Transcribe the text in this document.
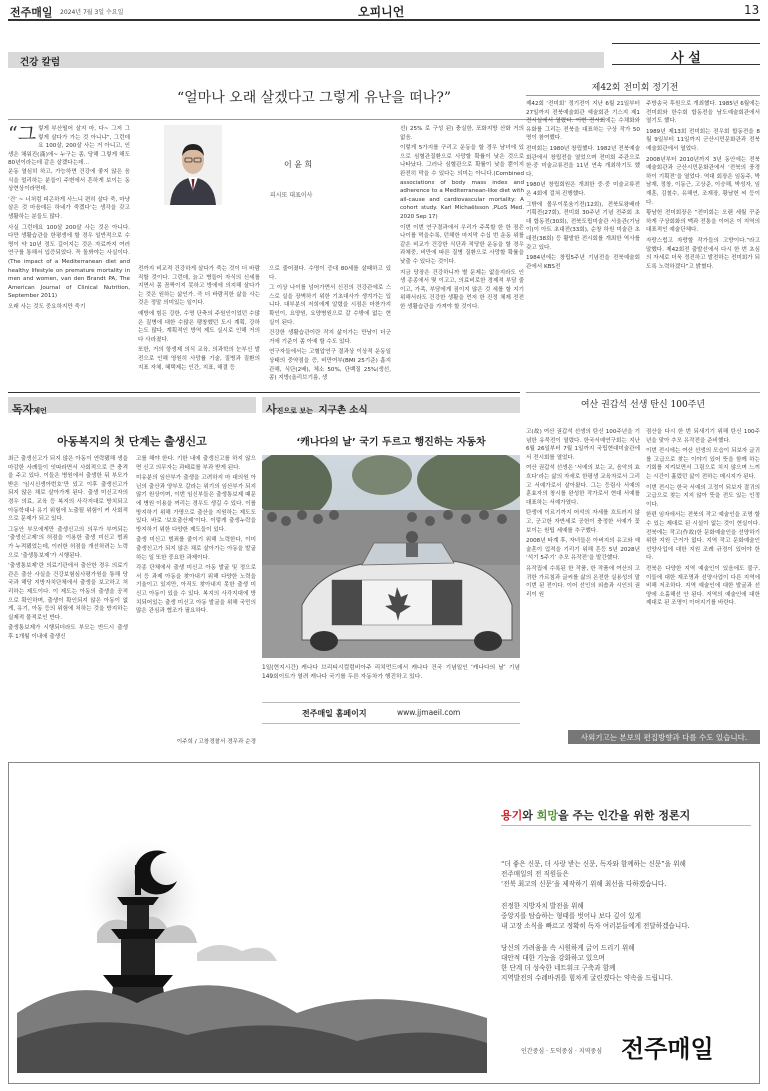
전주매일 2024년 7월 3일 수요일	오피니언	13
건강 칼럼
“얼마나 오래 살겠다고 그렇게 유난을 떠나?”
“그렇게 부산떨어 살지 마, 다~ 그저 그렇게 살다가 가는 것 아니냐”, 그런데요 100살, 200살 사는 거 아니고, 인생은 채워진(滿)에~ 누구는 좀, 당해 그렇게 해도 80년이라는데 같은 살겠다는데…

운동 열심히 하고, 가능하면 건강에 좋지 않은 음식을 멀리하는 분들이 주변에서 흔하게 보이는 동상현상이라면데.

‘건’ ~ 너처럼 피곤하게 사느니 편히 살다 죽, 마냥 살은 것 마음데든 하네가 죽겠다’는 생각을 갖고 생활하는 분들도 많다.

사실 그런데요 100살 200살 사는 것은 아니다. 다만 생활습관을 한평생에 할 경우 일반적으로 수명이 약 10년 정도 길어지는 것은 자료까지 여러 연구를 통해서 입증되었다. 꼭 돌봐야는 사실이다.(The impact of a Mediterranean diet and healthy lifestyle on premature mortality in men and women, van den Brandt PA, The American Journal of Clinical Nutrition, September 2011)

오래 사는 것도 중요하지만 죽기

이 윤 희
피시또 대표이사

전까지 비교적 건강하게 살다가 죽는 것이 더 바람직할 것이다. 그런데, 늙고 병들어 자식의 신세를 지면서 몸 꼼짝이지 못하고 방에에 의지해 살다가는 것은 원하는 삶인가. 즉 더 바람직한 삶을 사는 것은 정말 의미있는 일이다.

예방에 힘든 강한, 수명 단축의 주원인이었던 수많은 질병에 대한 수많은 팽창했던 도시 계획, 강하는도 많다, 계획적인 방역 제도 실시로 인해 거의 다 사라졌다.

또한, 거의 항생제 의식 교육, 의과학의 눈부신 발전으로 인해 영원히 사망률 기술, 질병과 질환의 지표 자체, 혜택제는 인간, 지표, 해결 등

으로 줄어졌다. 수명이 증대 80세를 살때하고 있다.

그 이상 나이를 넘어가면서 신진의 건강관에로 스스로 실을 장벽하기 위한 기초대사가 생겨가는 입니다. 대부분의 저희에게 알렸을 시점은 마찬가지 확인이, 요양원, 요양병원으로 갈 수밖에 없는 현실이 된다.

건강한 생활습관이란 작지 삶이가는 만남이 더군거에 기준이 좀 아예 할 수도 있다.

연구자들에서는 고혈압연구 결과상 이상적 운동일상태의 중약점을 증, 비만여부(BMI 25기준) 흡지관해, 식단(2배), 체소 50%, 단백질 25%(생선, 콩) 지방(올리브기름, 생

선) 25% 로 구성 된) 충실한, 포화지방 산화 거의 없음.

이렇게 5가지를 구리고 운동을 할 경우 남녀에 있으로 심혈관질환으로 사망할 확률이 낮은 것으로 나타났다. 그러나 심혈관으로 확률이 낮을 뿐이지 완전히 막을 수 있다는 의미는 아니다.(Combined associations of body mass index and adherence to a Mediterranean-like diet with all-cause and cardiovascular mortality: A cohort study. Karl Michaëlsson ,PLoS Med. 2020 Sep 17)

이번 이번 연구결과에서 우리가 주목할 한 한 점은 나이를 먹을수록, 던해한 마지막 수십 번 운동 위를 같은 비교가 건강한 식단과 적당한 운동을 할 경우 과체중, 비만에 따른 질병 질환으로 사망할 확률을 낮출 수 있다는 것이다.

지금 당장은 건강하니까 별 문제는 없을지라도 인생 종종에서 몇 이고고, 의료비로한 경제적 부담 줄이고, 가족, 부담에게 짐이지 않은 것 세를 할 지기위해서라도 건강한 생활을 먼저 한 진정 체제 전전한 생활습관을 가져야 할 것이다.

사 설
제42회 전미회 정기전

제42회 ‘전미회’ 정기전이 지난 6월 21일부터 27일까지 전북예술회관 예술회관 기스지 제1전시실에서 열렸다. 이번 전시회에는 수채화와 유화를 그리는 전북을 대표하는 구상 작가 50명이 참여했다.

전미회는 1980년 창립했다. 1982년 전북예술회관에서 창립전을 열었으며 전미회 주관으로 한·중 미술교류전을 11년 연속 개최하기도 했다.

1980년 창립회원은 개최한 중·중 미술교류전은 4회에 걸쳐 진행했다.

그밖에 볼우이못움기전(12회), 전북토왕배라 기획전(27회), 전미회 30주년 기념 전주회 초대 합동전(30회), 전북도립미술관 서울관(기님이)이 아트 초대전(33회), 순창 하원 미술관 초대전(38회) 등 활발한 전시회를 개최한 역사를 갖고 있다.

1984년에는 창립5주년 기념전을 전북예술회관에서 KBS전

주방송국 후원으로 개최했다. 1985년 6월에는 전미회와 한수회 합동전을 남도예술회관에서 열기도 했다.

1989년 제13회 전미회는 전우회 합동전을 8월 9일부터 11일까지 군산시민문화관과 전북예술회관에서 열었다.

2008년부터 2010년까지 3년 동안에는 전북예술회관과 군산시민문화관에서 ‘전북의 풍경 하이 기획전’을 열었다. 역대 회장은 임동주, 박남재, 정창, 이동근, 고상준, 이승해, 박성자, 임재훈, 김철수, 유해연, 조재장, 황남헌 씨 등이다.

황남헌 전미회장은 “전미회는 오랜 세월 꾸준하게 구상회화의 맥과 전통을 이어온 이 지역의 대표적인 예술단체다.

자랑스럽고 자랑할 작가들의 고향이다.”라고 말했다. 제42회전 출발선에서 다시 한 번 초심의 자세로 더욱 정진하고 발전하는 전미회가 되도록 노력하겠다”고 밝혔다.

여산 권갑석 선생 탄신 100주년

고(故) 여산 권갑석 선생의 탄신 100주년을 기념한 유묵전이 열렸다. 한국서예연구회는 지난 6월 26일부터 7월 1일까지 국립현대미술관에서 전시회를 열었다.

여산 권갑석 선생은 ‘서예의 보는 교, 음악의 효흐다’라는 삶의 자세로 한평생 교육자로서 그리고 서예가로서 살아왔다. 그는 등림사 서예의 훈효자의 창시를 완성한 작가로서 현대 서예를 대표하는 서예가였다.

탄생에 이르기까지 어석의 자세를 흐트러지 않고, 군고한 자반세로 공헌이 충정한 서예가 꽃보이는 원팁 세예를 추구했다.

2008년 타계 후, 자녀들은 아버지의 유고와 예술혼이 업적을 기리기 위해 흔등 5년 2028년 ‘석기 5주기’ 추모 유작전’을 발간했다.

유작집에 수록된 한 작품, 한 작품에 여산의 고귀한 가르침과 글씨를 삶의 온전한 실용성의 말이번 된 전이다. 이어 선인의 외솝과 시인의 권리이 원

점산을 다시 한 번 되새기기 위해 탄신 100주년을 맞아 추모 유작전을 준비했다.

이번 전시에는 여산 선생의 모습이 되보자 글귀를 고급으로 찾는 이야기 있어 뜻을 함께 하는 기회를 지켜보면서 그림으로 치지 않으며 느끼는 시간이 흘렀던 삶이 전하는 메시지가 된다.

이번 전시는 한국 서예의 고정이 되보자 결귀의 고급으로 찾는 지지 않아 뜻을 전도 있는 인정이다.

한편 임자에서는 전북의 작고 예술인을 조명 할 수 있는 제대로 된 시설이 없는 것이 현실이다. 전북에는 작고(作故)한 문화예술인을 선양하기 위한 지원 근거가 없다. 지역 작고 문화예술인 선양사업에 대한 지원 조례 규정이 있어야 한다.

전북은 다양한 지역 예술인이 있음에도 불구, 이들에 대한 재조명과 선양사업이 다른 지역에 비해 저조하다. 지역 예술인에 대한 발굴과 선양에 소홀해선 안 된다. 지역의 예술인에 대한 제대로 된 조명이 이어지기를 바란다.

사외기고는 본보의 편집방향과 다를 수도 있습니다.
독자제언
아동복지의 첫 단계는 출생신고

최근 출생신고가 되지 않은 아동이 연락됐해 생을 마감한 사례들이 잇따라면서 사회적으로 큰 충격을 주고 있다. 이들은 병원에서 출생한 뒤 부모가 받은 ‘임시신생아번호’만 있고 이후 출생신고가 되지 않은 채로 살아가게 된다. 출생 미신고자의 경우 의료, 교육 등 복지의 사각지대로 방치되고 아동학대나 유기 위험에 노출될 위험이 커 사회적으로 문제가 되고 있다.

그동안 부모에게만 출생신고의 의무가 부여되는 ‘출생신고제’의 허점을 이용한 출생 미신고 범죄가 누적됐었는데, 이러한 허점을 개선하려는 노력으로 ‘출생통보제’가 시행된다.

‘출생통보제’란 의료기관에서 출산한 경우 의료기관은 출산 사실을 건강보험심사평가원을 통해 당국과 해당 지방자치단체에서 출생을 보고하고 처리하는 제도이다. 이 제도는 아동의 출생을 공적으로 확인하며, 출생이 확인되지 않은 아동이 없게, 유기, 아동 등의 위험에 처하는 것을 방지하는 실제적 물적로인 반다.

출생통보제가 시행되더라도 부모는 반드시 출생 후 1개월 이내에 출생신

고를 해야 한다. 기한 내에 출생신고를 하지 않으면 신고 의무자는 과태료를 부과 받게 된다.

미유분의 임산부가 출생을 고려하지 마 대의원 아닌의 출산과 양부모 갈라는 위기의 임산부가 되지 않기 원상이며, 이번 임신부들은 출생통보제 때문에 병원 이용을 꺼리는 경우도 생길 수 있다. 이를 방지하기 위해 가명으로 출산을 지원하는 제도도 있다. 바로 ‘보호출산제’이다. 이렇게 출생누락을 방지하기 위한 다양한 제도들이 있다.

출생 미신고 범죄를 줄이기 위해 노력한다, 이미 출생신고가 되지 않은 채로 살아가는 아동을 발굴하는 일 또한 중요한 과제이다.

각종 단체에서 출생 미신고 아동 발굴 및 정으로서 등 과제 아동을 찾아내기 위해 다양한 노력을 기울이고 있지만, 아직도 찾아내지 못한 출생 미신고 아동이 있을 수 있다. 복지의 사각지대에 방치되어있는 출생 미신고 아동 발굴을 위해 국민의 많은 관심과 협조가 필요하다.

이주희 / 고창경찰서 경무과 순경
사진으로 보는 지구촌 소식
‘캐나다의 날’ 국기 두르고 행진하는 자동차
1일(현지시간) 캐나다 브리티시컬럼비아주 리치먼드에서 캐나다 건국 기념일인 ‘캐나다의 날’ 기념 149회이트가 열려 캐나다 국기를 두른 자동차가 행진하고 있다.
전주매일 홈페이지	www.jjmaeil.com
용기와 희망을 주는 인간을 위한 정론지
“더 좋은 신문, 더 사랑 받는 신문, 독자와 함께하는 신문”을 위해
전주매일의 전 직원들은
‘전북 최고의 신문’을 제작하기 위해 최선을 다하겠습니다.
진정한 지방자치 발전을 위해
중앙지를 탐습하는 형태를 벗어나 보다 깊이 있게
내 고장 소식을 빠르고 정확히 독자 여러분들에게 전달하겠습니다.
당신의 가려움을 속 시원하게 긁어 드리기 위해
대안적 대한 기능을 강화하고 있으며
한 단계 더 성숙한 네트워크 구축과 함께
지역발전의 수레바퀴를 힘차게 굴린겠다는 약속을 드립니다.
인간중심 · 도덕중심 · 지역중심 전주매일
